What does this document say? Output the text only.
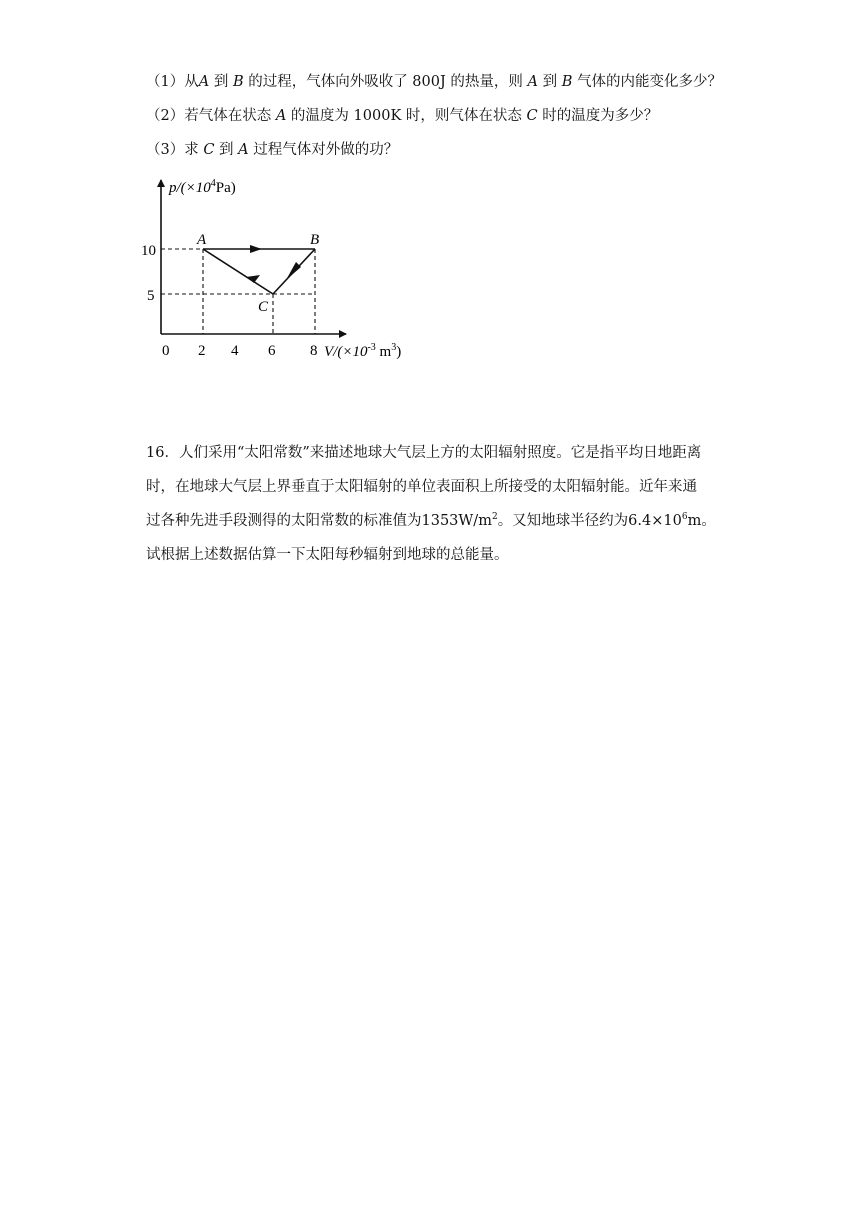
（1）从A 到 B 的过程，气体向外吸收了 800J 的热量，则 A 到 B 气体的内能变化多少？
（2）若气体在状态 A 的温度为 1000K 时，则气体在状态 C 时的温度为多少？
（3）求 C 到 A 过程气体对外做的功？
$p/(\times 10^4Pa)$
$V/(\times 10^{-3}$ $m^3$)
10
5
0 2 4 6 8
A	B
C
16．人们采用“太阳常数”来描述地球大气层上方的太阳辐射照度。它是指平均日地距离
时，在地球大气层上界垂直于太阳辐射的单位表面积上所接受的太阳辐射能。近年来通
过各种先进手段测得的太阳常数的标准值为$1353W/m^2$。又知地球半径约为$6.4\times 10^6m$。
试根据上述数据估算一下太阳每秒辐射到地球的总能量。
